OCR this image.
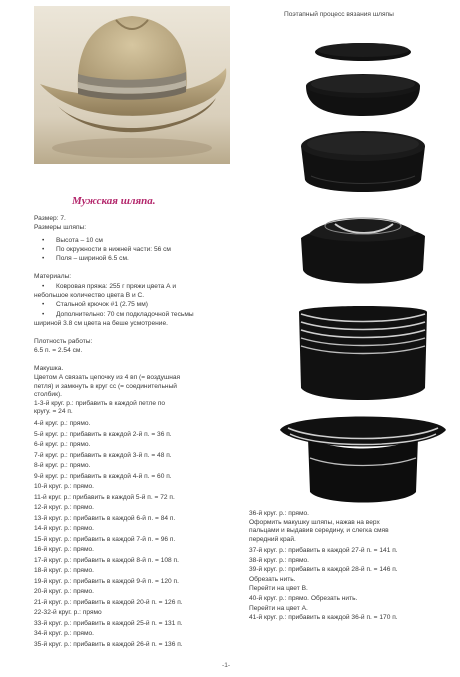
Мужская шляпа.
Размер: 7.
Размеры шляпы:
• Высота – 10 см
• По окружности в нижней части: 56 см
• Поля – шириной 6.5 см.
Материалы:
• Ковровая пряжа: 255 г пряжи цвета А и
небольшое количество цвета В и С.
• Стальной крючок #1 (2.75 мм)
• Дополнительно: 70 см подкладочной тесьмы
шириной 3.8 см цвета на беше усмотрение.
Плотность работы:
6.5 п. = 2.54 см.
Макушка.
Цветом А связать цепочку из 4 вп (= воздушная
петля) и замкнуть в круг сс (= соединительный
столбик).
1-3-й круг. р.: прибавить в каждой петле по
кругу. = 24 п.
4-й круг. р.: прямо.
5-й круг. р.: прибавить в каждой 2-й п. = 36 п.
6-й круг. р.: прямо.
7-й круг. р.: прибавить в каждой 3-й п. = 48 п.
8-й круг. р.: прямо.
9-й круг. р.: прибавить в каждой 4-й п. = 60 п.
10-й круг. р.: прямо.
11-й круг. р.: прибавить в каждой 5-й п. = 72 п.
12-й круг. р.: прямо.
13-й круг. р.: прибавить в каждой 6-й п. = 84 п.
14-й круг. р.: прямо.
15-й круг. р.: прибавить в каждой 7-й п. = 96 п.
16-й круг. р.: прямо.
17-й круг. р.: прибавить в каждой 8-й п. = 108 п.
18-й круг. р.: прямо.
19-й круг. р.: прибавить в каждой 9-й п. = 120 п.
20-й круг. р.: прямо.
21-й круг. р.: прибавить в каждой 20-й п. = 126 п.
22-32-й круг. р.: прямо
33-й круг. р.: прибавить в каждой 25-й п. = 131 п.
34-й круг. р.: прямо.
35-й круг. р.: прибавить в каждой 26-й п. = 136 п.
Поэтапный процесс вязания шляпы
36-й круг. р.: прямо.
Оформить макушку шляпы, нажав на верх
пальцами и выдавив середину, и слегка смяв
передний край.
37-й круг. р.: прибавить в каждой 27-й п. = 141 п.
38-й круг. р.: прямо.
39-й круг. р.: прибавить в каждой 28-й п. = 146 п.
Обрезать нить.
Перейти на цвет В.
40-й круг. р.: прямо. Обрезать нить.
Перейти на цвет А.
41-й круг. р.: прибавить в каждой 36-й п. = 170 п.
-1-
